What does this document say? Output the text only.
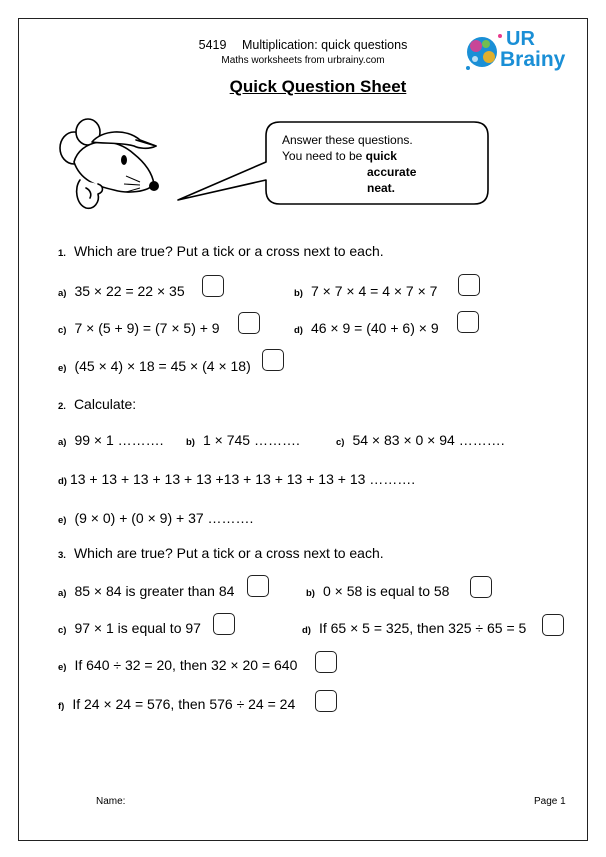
5419 Multiplication: quick questions
Maths worksheets from urbrainy.com
UR
Brainy
Quick Question Sheet
Answer these questions.
You need to be quick
accurate
neat.
1. Which are true? Put a tick or a cross next to each.
a) 35 × 22 = 22 × 35	b) 7 × 7 × 4 = 4 × 7 × 7
c) 7 × (5 + 9) = (7 × 5) + 9	d) 46 × 9 = (40 + 6) × 9
e) (45 × 4) × 18 = 45 × (4 × 18)
2. Calculate:
a) 99 × 1 ………. b) 1 × 745 ……….	c) 54 × 83 × 0 × 94 ……….
d) 13 + 13 + 13 + 13 + 13 +13 + 13 + 13 + 13 + 13 ……….
e) (9 × 0) + (0 × 9) + 37 ……….
3. Which are true? Put a tick or a cross next to each.
a) 85 × 84 is greater than 84	b) 0 × 58 is equal to 58
c) 97 × 1 is equal to 97	d) If 65 × 5 = 325, then 325 ÷ 65 = 5
e) If 640 ÷ 32 = 20, then 32 × 20 = 640
f) If 24 × 24 = 576, then 576 ÷ 24 = 24
Name:	Page 1
